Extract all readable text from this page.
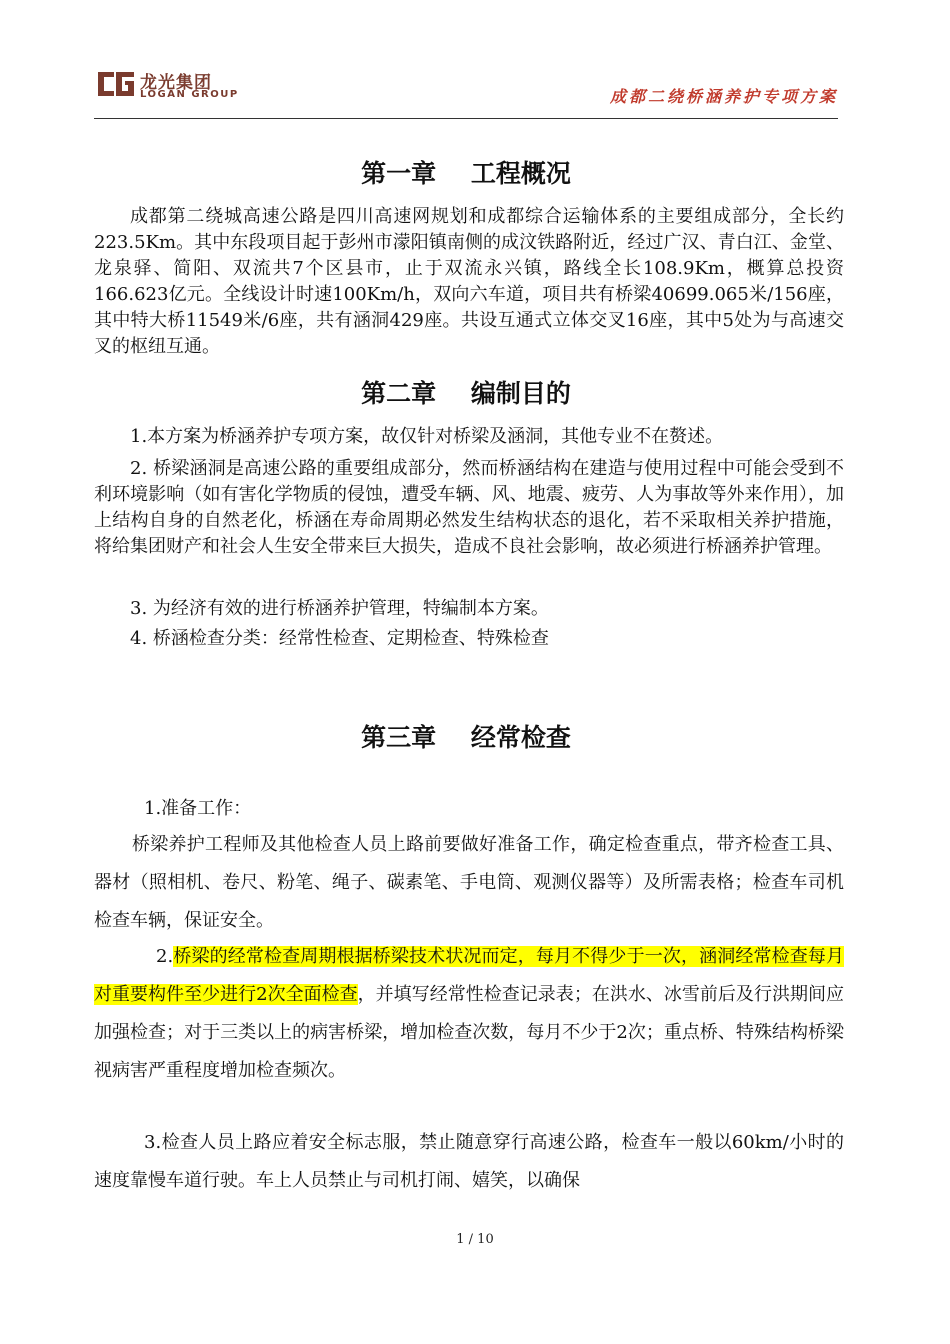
龙光集团
LOGAN GROUP	成都二绕桥涵养护专项方案
第一章    工程概况

成都第二绕城高速公路是四川高速网规划和成都综合运输体系的主要组成部分，全长约223.5Km。其中东段项目起于彭州市濛阳镇南侧的成汶铁路附近，经过广汉、青白江、金堂、龙泉驿、简阳、双流共7个区县市，止于双流永兴镇，路线全长108.9Km，概算总投资166.623亿元。全线设计时速100Km/h，双向六车道，项目共有桥梁40699.065米/156座，其中特大桥11549米/6座，共有涵洞429座。共设互通式立体交叉16座，其中5处为与高速交叉的枢纽互通。

第二章    编制目的

1.本方案为桥涵养护专项方案，故仅针对桥梁及涵洞，其他专业不在赘述。

2. 桥梁涵洞是高速公路的重要组成部分，然而桥涵结构在建造与使用过程中可能会受到不利环境影响（如有害化学物质的侵蚀，遭受车辆、风、地震、疲劳、人为事故等外来作用），加上结构自身的自然老化，桥涵在寿命周期必然发生结构状态的退化，若不采取相关养护措施，将给集团财产和社会人生安全带来巨大损失，造成不良社会影响，故必须进行桥涵养护管理。

3. 为经济有效的进行桥涵养护管理，特编制本方案。

4. 桥涵检查分类：经常性检查、定期检查、特殊检查

第三章    经常检查

1.准备工作：

桥梁养护工程师及其他检查人员上路前要做好准备工作，确定检查重点，带齐检查工具、器材（照相机、卷尺、粉笔、绳子、碳素笔、手电筒、观测仪器等）及所需表格；检查车司机检查车辆，保证安全。

2.桥梁的经常检查周期根据桥梁技术状况而定，每月不得少于一次，涵洞经常检查每月对重要构件至少进行2次全面检查，并填写经常性检查记录表；在洪水、冰雪前后及行洪期间应加强检查；对于三类以上的病害桥梁，增加检查次数，每月不少于2次；重点桥、特殊结构桥梁视病害严重程度增加检查频次。

3.检查人员上路应着安全标志服，禁止随意穿行高速公路，检查车一般以60km/小时的速度靠慢车道行驶。车上人员禁止与司机打闹、嬉笑，以确保

1 / 10
